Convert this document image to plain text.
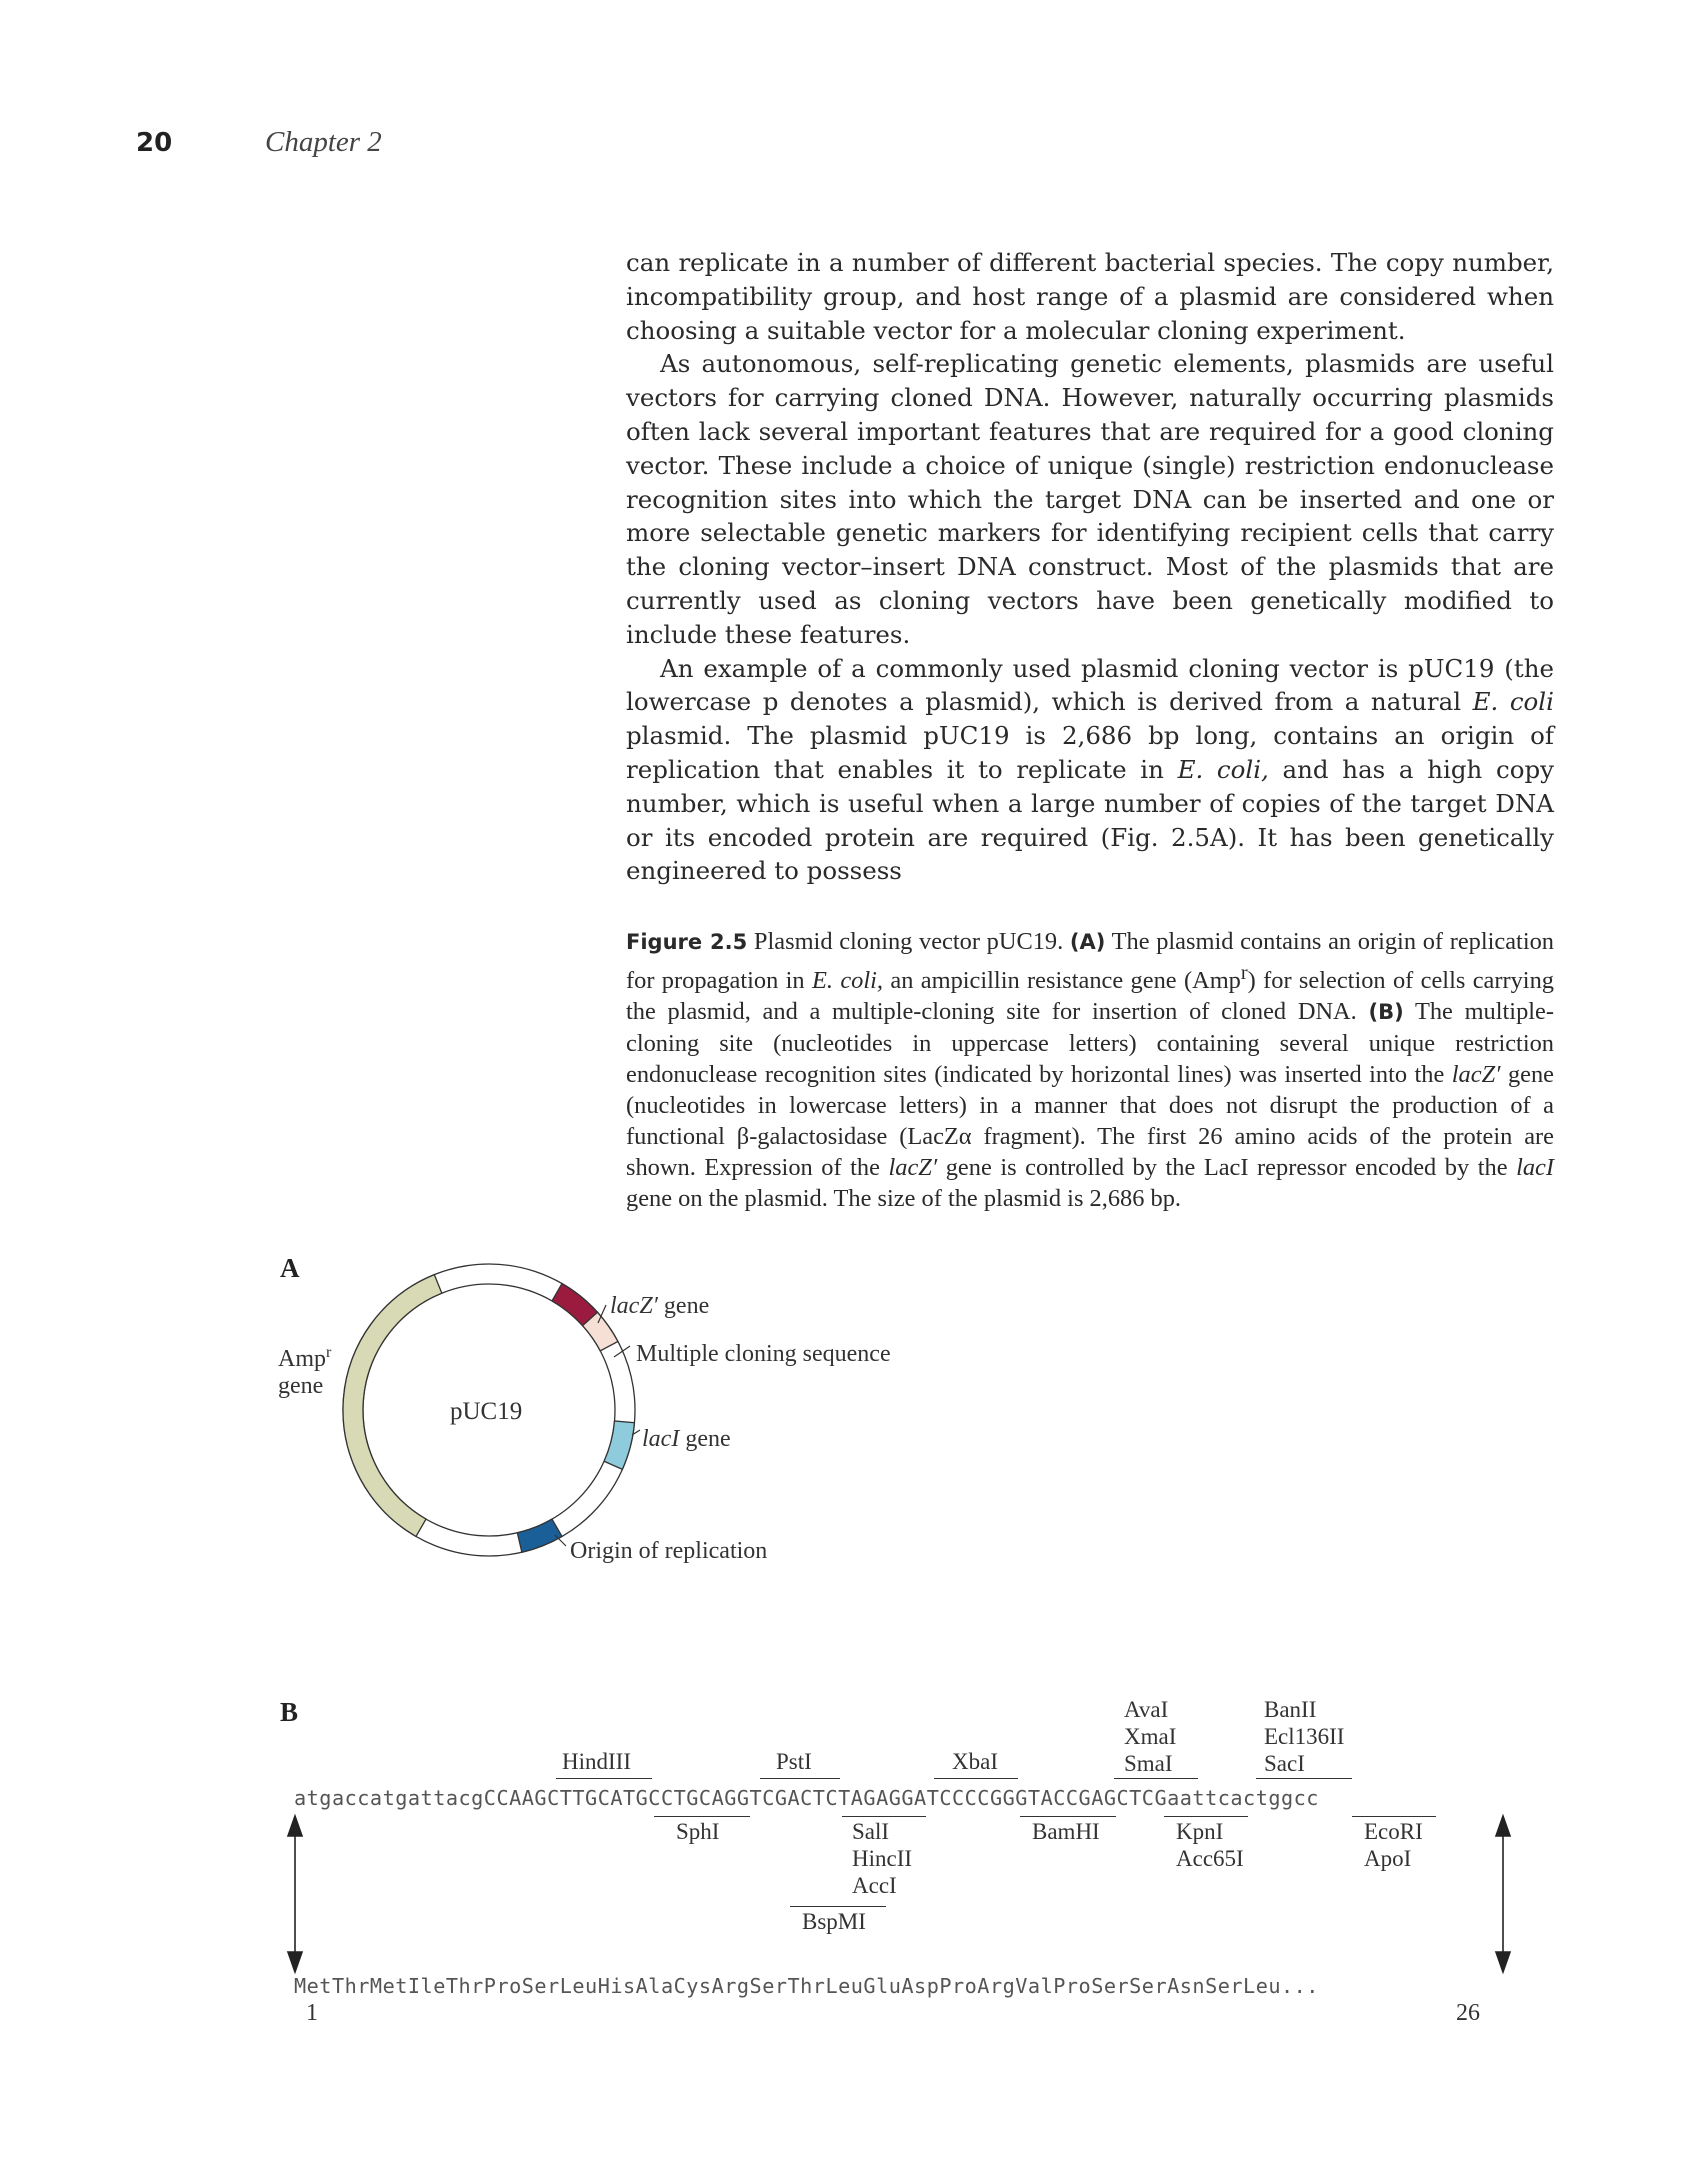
20	Chapter 2

can replicate in a number of different bacterial species. The copy number, incompatibility group, and host range of a plasmid are considered when choosing a suitable vector for a molecular cloning experiment.

As autonomous, self-replicating genetic elements, plasmids are useful vectors for carrying cloned DNA. However, naturally occurring plasmids often lack several important features that are required for a good cloning vector. These include a choice of unique (single) restriction endonuclease recognition sites into which the target DNA can be inserted and one or more selectable genetic markers for identifying recipient cells that carry the cloning vector–insert DNA construct. Most of the plasmids that are currently used as cloning vectors have been genetically modified to include these features.

An example of a commonly used plasmid cloning vector is pUC19 (the lowercase p denotes a plasmid), which is derived from a natural E. coli plasmid. The plasmid pUC19 is 2,686 bp long, contains an origin of replication that enables it to replicate in E. coli, and has a high copy number, which is useful when a large number of copies of the target DNA or its encoded protein are required (Fig. 2.5A). It has been genetically engineered to possess

Figure 2.5 Plasmid cloning vector pUC19. (A) The plasmid contains an origin of replication for propagation in E. coli, an ampicillin resistance gene (Amp$^r$) for selection of cells carrying the plasmid, and a multiple-cloning site for insertion of cloned DNA. (B) The multiple-cloning site (nucleotides in uppercase letters) containing several unique restriction endonuclease recognition sites (indicated by horizontal lines) was inserted into the lacZ′ gene (nucleotides in lowercase letters) in a manner that does not disrupt the production of a functional β-galactosidase (LacZα fragment). The first 26 amino acids of the protein are shown. Expression of the lacZ′ gene is controlled by the LacI repressor encoded by the lacI gene on the plasmid. The size of the plasmid is 2,686 bp.
A
pUC19
Amp$^r$
gene
lacZ′ gene
Multiple cloning sequence
lacI gene
Origin of replication
B
HindIII	PstI	XbaI
AvaI
XmaI
SmaI
BanII
Ecl136II
SacI
atgaccatgattacgCCAAGCTTGCATGCCTGCAGGTCGACTCTAGAGGATCCCCGGGTACCGAGCTCGaattcactggcc
SphI	SalI
HincII
AccI
BspMI
BamHI	KpnI
Acc65I
EcoRI
ApoI
MetThrMetIleThrProSerLeuHisAlaCysArgSerThrLeuGluAspProArgValProSerSerAsnSerLeu...
1	26
